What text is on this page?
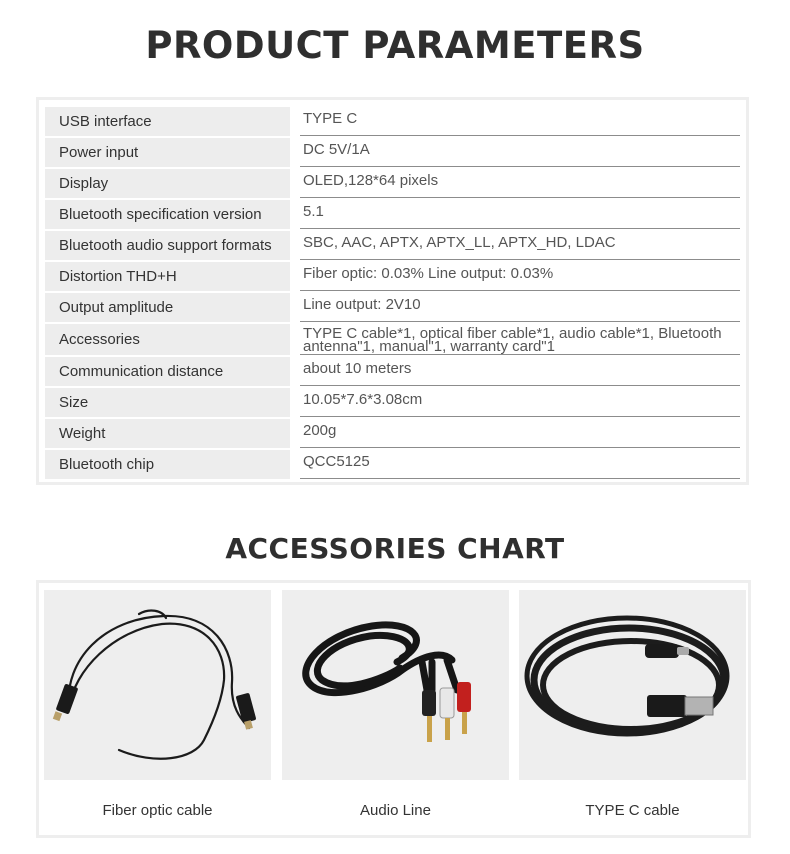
PRODUCT PARAMETERS
USB interface	TYPE C
Power input	DC 5V/1A
Display	OLED,128*64 pixels
Bluetooth specification version	5.1
Bluetooth audio support formats	SBC, AAC, APTX, APTX_LL, APTX_HD, LDAC
Distortion THD+H	Fiber optic: 0.03% Line output: 0.03%
Output amplitude	Line output: 2V10
Accessories	TYPE C cable*1, optical fiber cable*1, audio cable*1, Bluetooth antenna"1, manual"1, warranty card"1
Communication distance	about 10 meters
Size	10.05*7.6*3.08cm
Weight	200g
Bluetooth chip	QCC5125
ACCESSORIES CHART
Fiber optic cable	Audio Line	TYPE C cable
